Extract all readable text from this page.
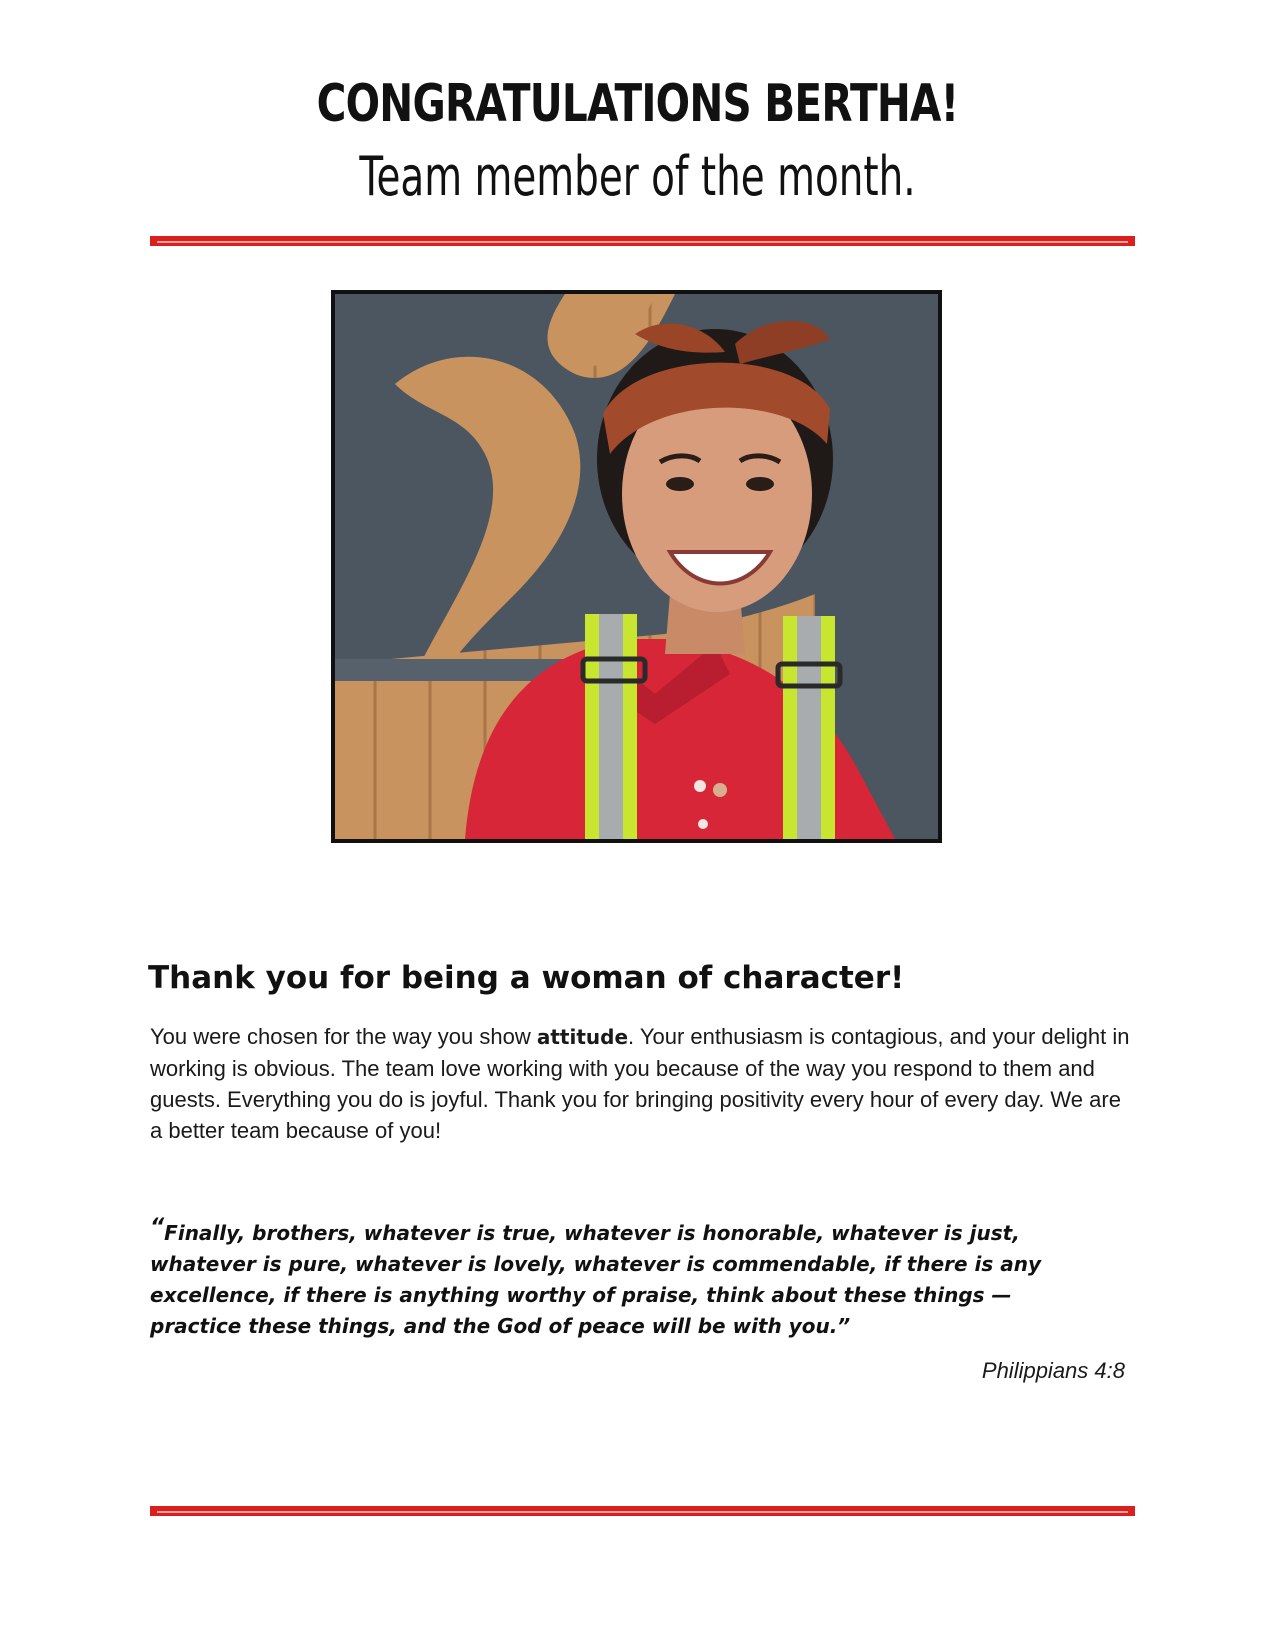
CONGRATULATIONS BERTHA!
Team member of the month.
Thank you for being a woman of character!

You were chosen for the way you show attitude. Your enthusiasm is contagious, and your delight in working is obvious. The team love working with you because of the way you respond to them and guests. Everything you do is joyful. Thank you for bringing positivity every hour of every day. We are a better team because of you!

“Finally, brothers, whatever is true, whatever is honorable, whatever is just, whatever is pure, whatever is lovely, whatever is commendable, if there is any excellence, if there is anything worthy of praise, think about these things —practice these things, and the God of peace will be with you.”

Philippians 4:8
